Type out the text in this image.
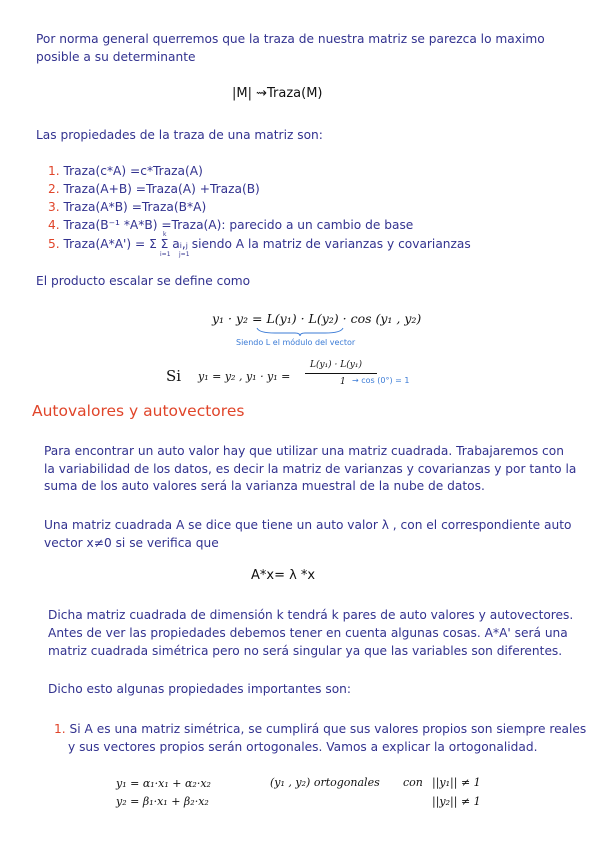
Por norma general querremos que la traza de nuestra matriz se parezca lo maximo
posible a su determinante
|M| ⇝Traza(M)
Las propiedades de la traza de una matriz son:
1. Traza(c*A) =c*Traza(A)
2. Traza(A+B) =Traza(A) +Traza(B)
3. Traza(A*B) =Traza(B*A)
4. Traza(B⁻¹ *A*B) =Traza(A): parecido a un cambio de base
5. Traza(A*A') = Σ Σ aᵢ,ⱼ siendo A la matriz de varianzas y covarianzas
k
i=1 j=1
El producto escalar se define como
y₁ · y₂ = L(y₁) · L(y₂) · cos (y₁ , y₂)
Siendo L el módulo del vector
Si y₁ = y₂ , y₁ · y₁ =
L(y₁) · L(y₁)
1 → cos (0°) = 1
Autovalores y autovectores
Para encontrar un auto valor hay que utilizar una matriz cuadrada. Trabajaremos con
la variabilidad de los datos, es decir la matriz de varianzas y covarianzas y por tanto la
suma de los auto valores será la varianza muestral de la nube de datos.
Una matriz cuadrada A se dice que tiene un auto valor λ , con el correspondiente auto
vector x≠0 si se verifica que
A*x= λ *x
Dicha matriz cuadrada de dimensión k tendrá k pares de auto valores y autovectores.
Antes de ver las propiedades debemos tener en cuenta algunas cosas. A*A' será una
matriz cuadrada simétrica pero no será singular ya que las variables son diferentes.
Dicho esto algunas propiedades importantes son:
1. Si A es una matriz simétrica, se cumplirá que sus valores propios son siempre reales
y sus vectores propios serán ortogonales. Vamos a explicar la ortogonalidad.
y₁ = α₁·x₁ + α₂·x₂
y₂ = β₁·x₁ + β₂·x₂
(y₁ , y₂) ortogonales con ||y₁|| ≠ 1
||y₂|| ≠ 1
